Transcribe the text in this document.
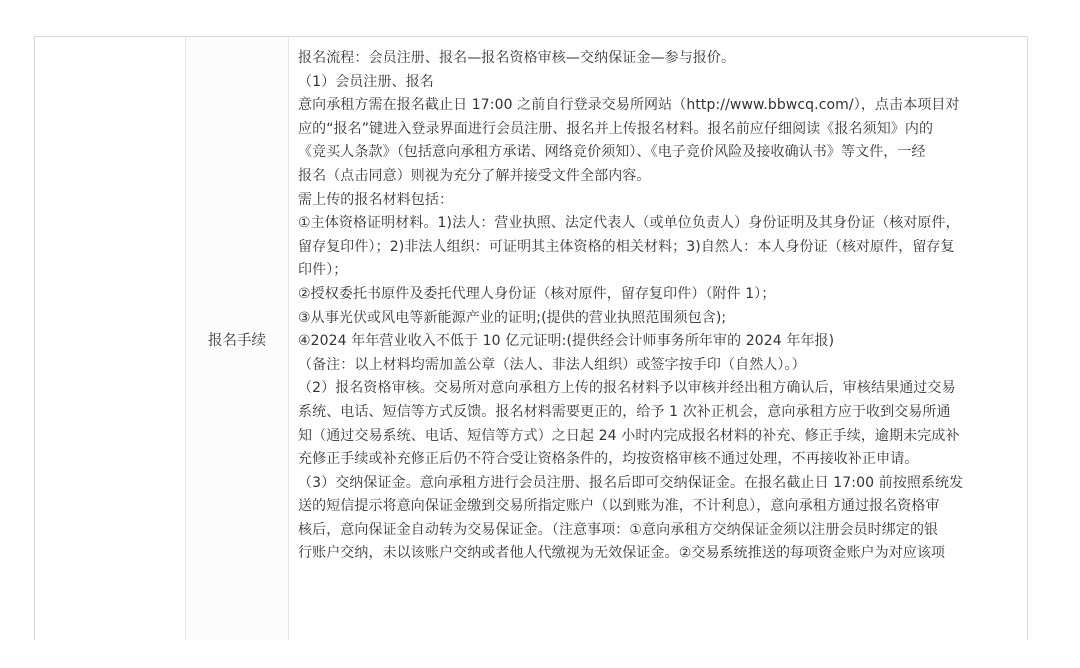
报名手续
报名流程：会员注册、报名—报名资格审核—交纳保证金—参与报价。
（1）会员注册、报名
意向承租方需在报名截止日 17:00 之前自行登录交易所网站（http://www.bbwcq.com/），点击本项目对
应的“报名”键进入登录界面进行会员注册、报名并上传报名材料。报名前应仔细阅读《报名须知》内的
《竞买人条款》（包括意向承租方承诺、网络竞价须知）、《电子竞价风险及接收确认书》等文件，一经
报名（点击同意）则视为充分了解并接受文件全部内容。
需上传的报名材料包括：
①主体资格证明材料。1)法人：营业执照、法定代表人（或单位负责人）身份证明及其身份证（核对原件，
留存复印件）；2)非法人组织：可证明其主体资格的相关材料；3)自然人：本人身份证（核对原件，留存复
印件）；
②授权委托书原件及委托代理人身份证（核对原件，留存复印件）（附件 1）；
③从事光伏或风电等新能源产业的证明;(提供的营业执照范围须包含);
④2024 年年营业收入不低于 10 亿元证明:(提供经会计师事务所年审的 2024 年年报)
（备注：以上材料均需加盖公章（法人、非法人组织）或签字按手印（自然人）。）
（2）报名资格审核。交易所对意向承租方上传的报名材料予以审核并经出租方确认后，审核结果通过交易
系统、电话、短信等方式反馈。报名材料需要更正的，给予 1 次补正机会，意向承租方应于收到交易所通
知（通过交易系统、电话、短信等方式）之日起 24 小时内完成报名材料的补充、修正手续，逾期未完成补
充修正手续或补充修正后仍不符合受让资格条件的，均按资格审核不通过处理，不再接收补正申请。
（3）交纳保证金。意向承租方进行会员注册、报名后即可交纳保证金。在报名截止日 17:00 前按照系统发
送的短信提示将意向保证金缴到交易所指定账户（以到账为准，不计利息），意向承租方通过报名资格审
核后，意向保证金自动转为交易保证金。（注意事项：①意向承租方交纳保证金须以注册会员时绑定的银
行账户交纳，未以该账户交纳或者他人代缴视为无效保证金。②交易系统推送的每项资金账户为对应该项
